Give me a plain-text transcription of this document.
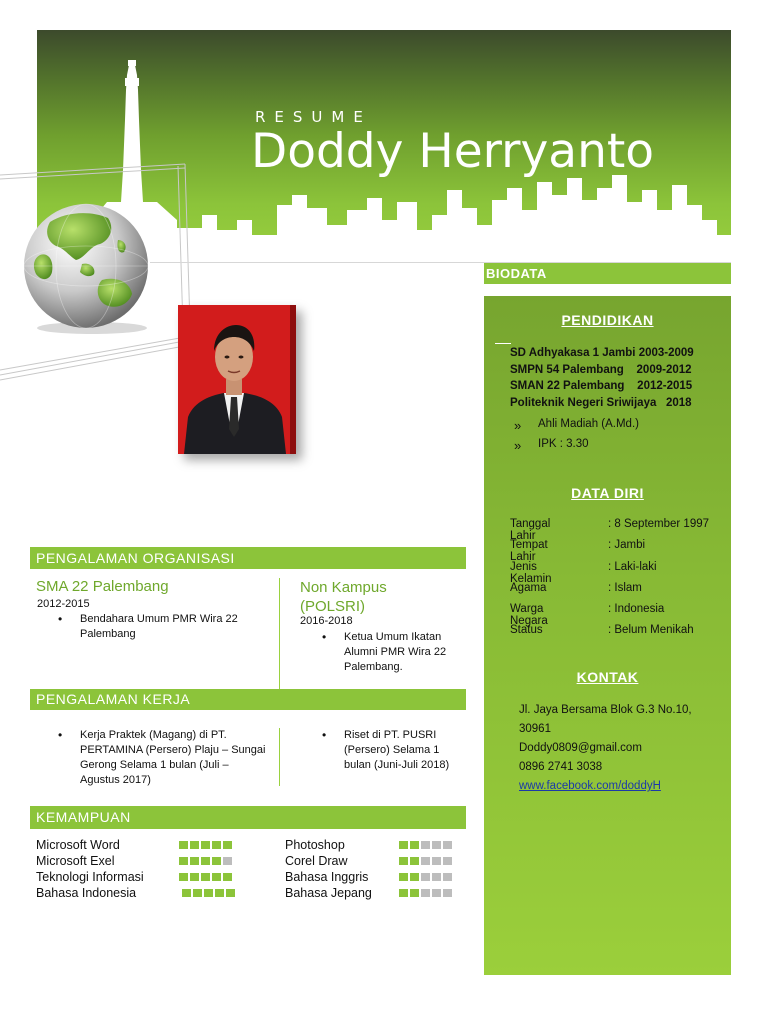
RESUME
Doddy Herryanto
BIODATA
PENDIDIKAN
SD Adhyakasa 1 Jambi 2003-2009
SMPN 54 Palembang    2009-2012
SMAN 22 Palembang    2012-2015
Politeknik Negeri Sriwijaya   2018
» Ahli Madiah (A.Md.)
» IPK : 3.30
DATA DIRI
Tanggal Lahir
: 8 September 1997
Tempat Lahir
: Jambi
Jenis Kelamin
: Laki-laki
Agama	: Islam
Warga Negara
: Indonesia
Status	: Belum Menikah
KONTAK
Jl. Jaya Bersama Blok G.3 No.10,
30961
Doddy0809@gmail.com
0896 2741 3038
www.facebook.com/doddyH
PENGALAMAN ORGANISASI
SMA 22 Palembang
2012-2015
• Bendahara Umum PMR Wira 22 Palembang
Non Kampus (POLSRI)
2016-2018
• Ketua Umum Ikatan Alumni PMR Wira 22 Palembang.
PENGALAMAN KERJA
• Kerja Praktek (Magang) di PT. PERTAMINA (Persero) Plaju – Sungai Gerong Selama 1 bulan (Juli – Agustus 2017)
• Riset di PT. PUSRI (Persero) Selama 1 bulan (Juni-Juli 2018)
KEMAMPUAN
Microsoft Word
Microsoft Exel
Teknologi Informasi
Bahasa Indonesia
Photoshop
Corel Draw
Bahasa Inggris
Bahasa Jepang
